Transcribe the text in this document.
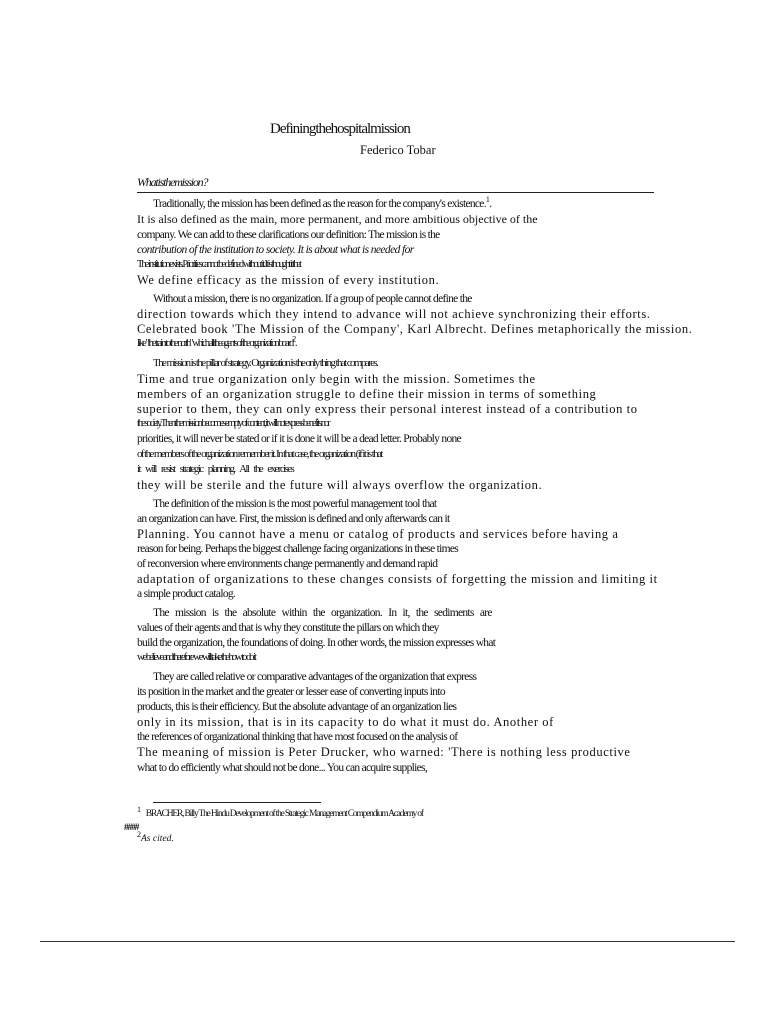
Definingthehospitalmission
Federico Tobar
Whatisthemission?
Traditionally, the mission has been defined as the reason for the company's existence.$^1$.
It is also defined as the main, more permanent, and more ambitious objective of the
company. We can add to these clarifications our definition: The mission is the
contribution of the institution to society. It is about what is needed for
The institution exists. Priorities cannot be defined without it. It is thought it that
We define efficacy as the mission of every institution.
Without a mission, there is no organization. If a group of people cannot define the
direction towards which they intend to advance will not achieve synchronizing their efforts.
Celebrated book 'The Mission of the Company', Karl Albrecht. Defines metaphorically the mission.
like "the train to the north" which all the agents of the organization board$^2$ .
The mission is the pillar of strategy. Organization is the only thing that compares.
Time and true organization only begin with the mission. Sometimes the
members of an organization struggle to define their mission in terms of something
superior to them, they can only express their personal interest instead of a contribution to
the society. Then the mission becomes empty of content, it will not express benefits nor
priorities, it will never be stated or if it is done it will be a dead letter. Probably none
of the members of the organization remember it. In that case, the organization (if it is that
it will resist strategic planning. All the exercises
they will be sterile and the future will always overflow the organization.
The definition of the mission is the most powerful management tool that
an organization can have. First, the mission is defined and only afterwards can it
Planning. You cannot have a menu or catalog of products and services before having a
reason for being. Perhaps the biggest challenge facing organizations in these times
of reconversion where environments change permanently and demand rapid
adaptation of organizations to these changes consists of forgetting the mission and limiting it
a simple product catalog.
The mission is the absolute within the organization. In it, the sediments are
values of their agents and that is why they constitute the pillars on which they
build the organization, the foundations of doing. In other words, the mission expresses what
we believe and therefore we will take the how to do it
They are called relative or comparative advantages of the organization that express
its position in the market and the greater or lesser ease of converting inputs into
products, this is their efficiency. But the absolute advantage of an organization lies
only in its mission, that is in its capacity to do what it must do. Another of
the references of organizational thinking that have most focused on the analysis of
The meaning of mission is Peter Drucker, who warned: 'There is nothing less productive
what to do efficiently what should not be done... You can acquire supplies,
$^1$ BRACHER, Billy The Hindu Development of the Strategic Management Compendium Academy of
####
$^2$ As cited.
